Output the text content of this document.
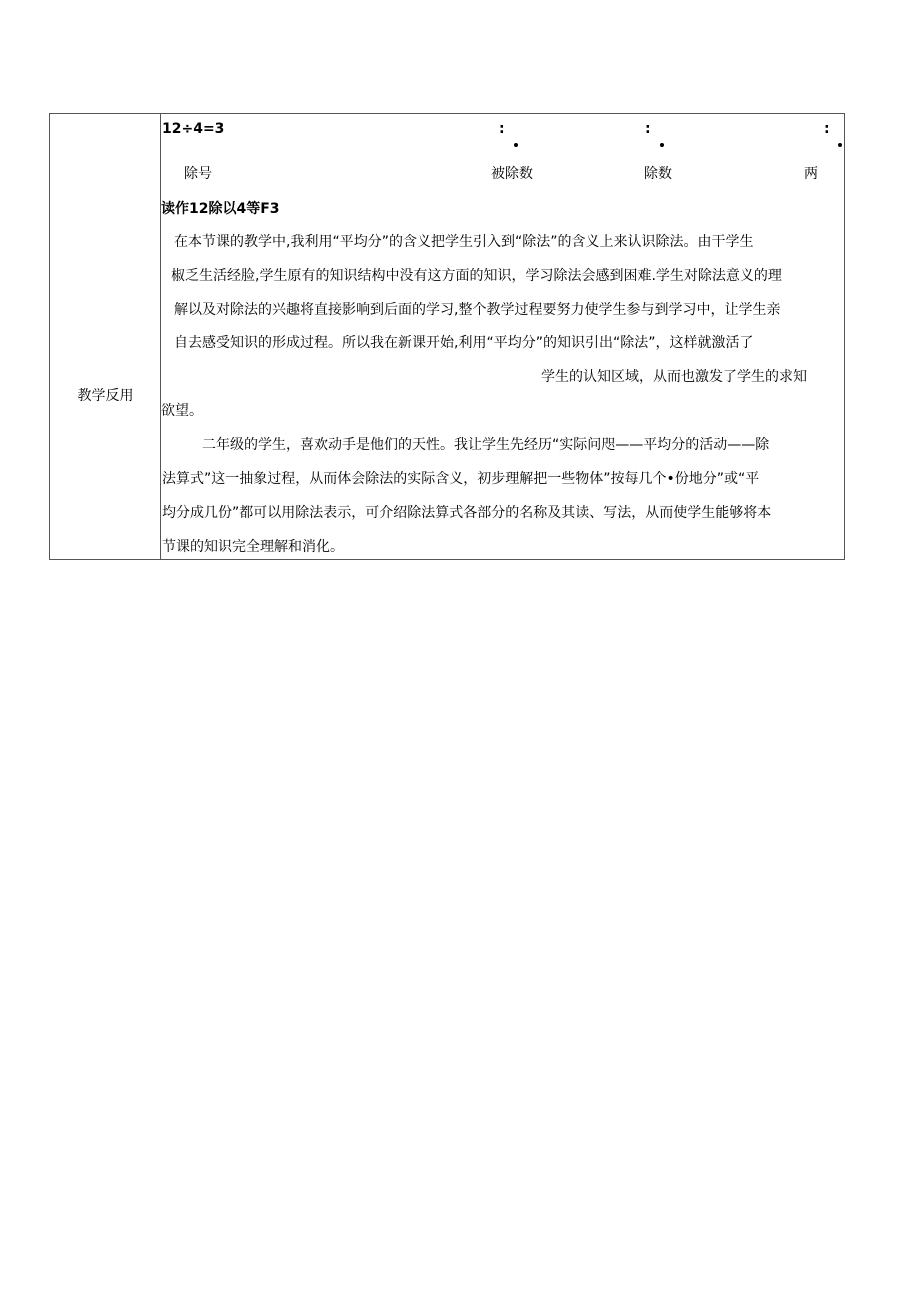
教学反用
12÷4=3	:	:	:
除号	被除数	除数	两
读作12除以4等F3
在本节课的教学中,我利用“平均分”的含义把学生引入到“除法”的含义上来认识除法。由干学生
椒乏生活经脸,学生原有的知识结构中没有这方面的知识，学习除法会感到困难.学生对除法意义的理
解以及对除法的兴趣将直接影响到后面的学习,整个教学过程要努力使学生参与到学习中，让学生亲
自去感受知识的形成过程。所以我在新课开始,利用“平均分”的知识引出“除法”，这样就激活了
学生的认知区域，从而也激发了学生的求知
欲望。
二年级的学生，喜欢动手是他们的天性。我让学生先经历“实际问咫——平均分的活动——除
法算式”这一抽象过程，从而体会除法的实际含义，初步理解把一些物体”按每几个•份地分”或“平
均分成几份”都可以用除法表示，可介绍除法算式各部分的名称及其读、写法，从而使学生能够将本
节课的知识完全理解和消化。
